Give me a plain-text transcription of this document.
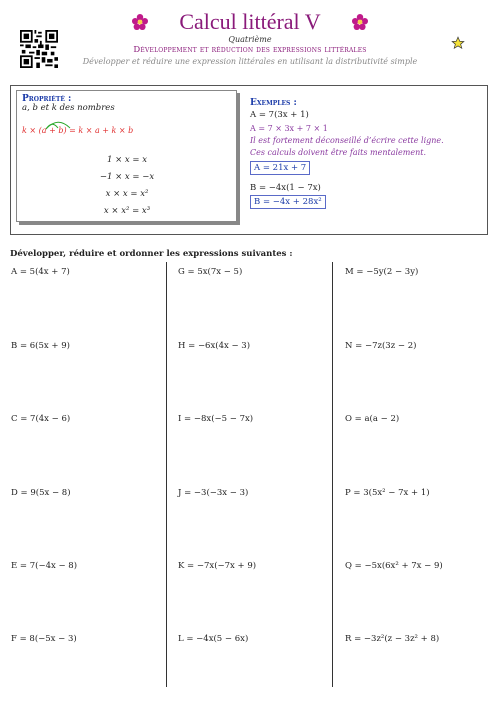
Calcul littéral V
Quatrième
Développement et réduction des expressions littérales
Développer et réduire une expression littérales en utilisant la distributivité simple
Propriété :
a, b et k des nombres
k × (a + b) = k × a + k × b
1 × x = x
−1 × x = −x
x × x = x²
x × x² = x³
Exemples :
A = 7(3x + 1)
A = 7 × 3x + 7 × 1
Il est fortement déconseillé d’écrire cette ligne.
Ces calculs doivent être faits mentalement.
A = 21x + 7
B = −4x(1 − 7x)
B = −4x + 28x²
Développer, réduire et ordonner les expressions suivantes :
A = 5(4x + 7)
B = 6(5x + 9)
C = 7(4x − 6)
D = 9(5x − 8)
E = 7(−4x − 8)
F = 8(−5x − 3)
G = 5x(7x − 5)
H = −6x(4x − 3)
I = −8x(−5 − 7x)
J = −3(−3x − 3)
K = −7x(−7x + 9)
L = −4x(5 − 6x)
M = −5y(2 − 3y)
N = −7z(3z − 2)
O = a(a − 2)
P = 3(5x² − 7x + 1)
Q = −5x(6x² + 7x − 9)
R = −3z²(z − 3z² + 8)
